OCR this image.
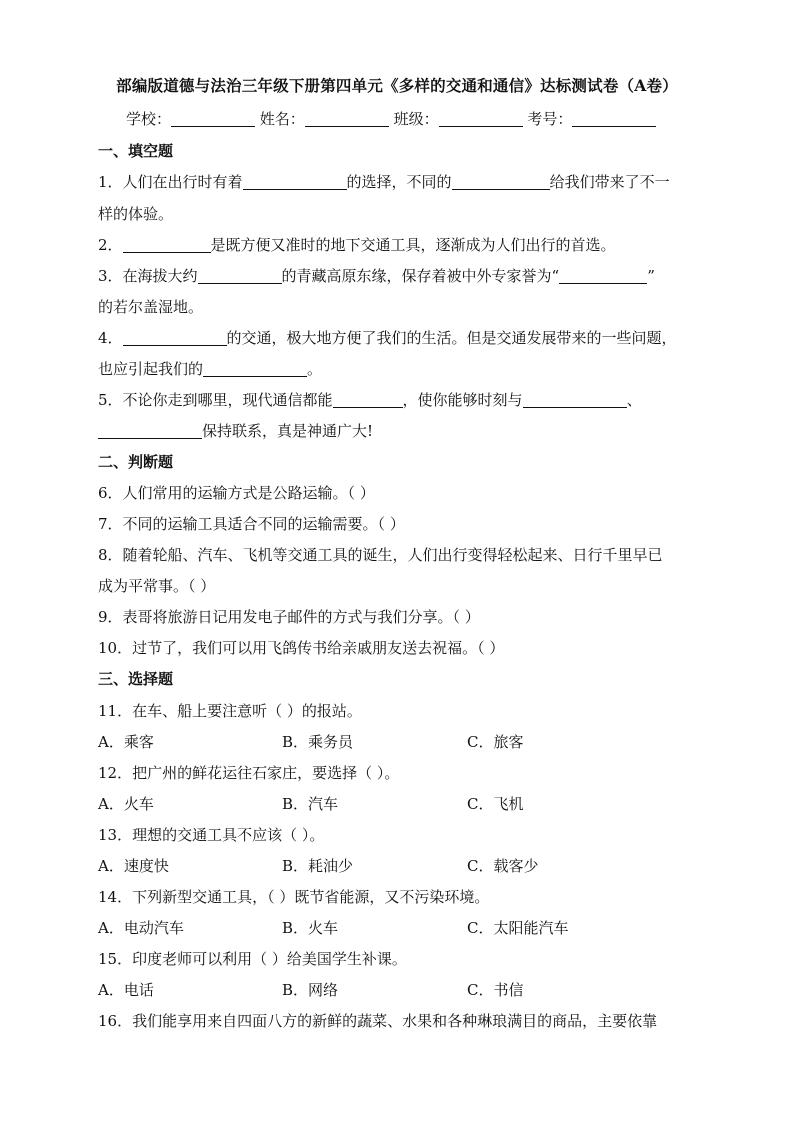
部编版道德与法治三年级下册第四单元《多样的交通和通信》达标测试卷（A卷）
学校：	姓名：	班级：	考号：
一、填空题
1．人们在出行时有着	的选择，不同的	给我们带来了不一
样的体验。
2．	是既方便又准时的地下交通工具，逐渐成为人们出行的首选。
3．在海拔大约	的青藏高原东缘，保存着被中外专家誉为“	”
的若尔盖湿地。
4．	的交通，极大地方便了我们的生活。但是交通发展带来的一些问题，
也应引起我们的	。
5．不论你走到哪里，现代通信都能	，使你能够时刻与	、
保持联系，真是神通广大!
二、判断题
6．人们常用的运输方式是公路运输。（ ）
7．不同的运输工具适合不同的运输需要。（ ）
8．随着轮船、汽车、飞机等交通工具的诞生，人们出行变得轻松起来、日行千里早已
成为平常事。（ ）
9．表哥将旅游日记用发电子邮件的方式与我们分享。（ ）
10．过节了，我们可以用飞鸽传书给亲戚朋友送去祝福。（ ）
三、选择题
11．在车、船上要注意听（ ）的报站。
A．乘客	B．乘务员	C．旅客
12．把广州的鲜花运往石家庄，要选择（ ）。
A．火车	B．汽车	C．飞机
13．理想的交通工具不应该（ ）。
A．速度快	B．耗油少	C．载客少
14．下列新型交通工具，（ ）既节省能源，又不污染环境。
A．电动汽车	B．火车	C．太阳能汽车
15．印度老师可以利用（ ）给美国学生补课。
A．电话	B．网络	C．书信
16．我们能享用来自四面八方的新鲜的蔬菜、水果和各种琳琅满目的商品，主要依靠
